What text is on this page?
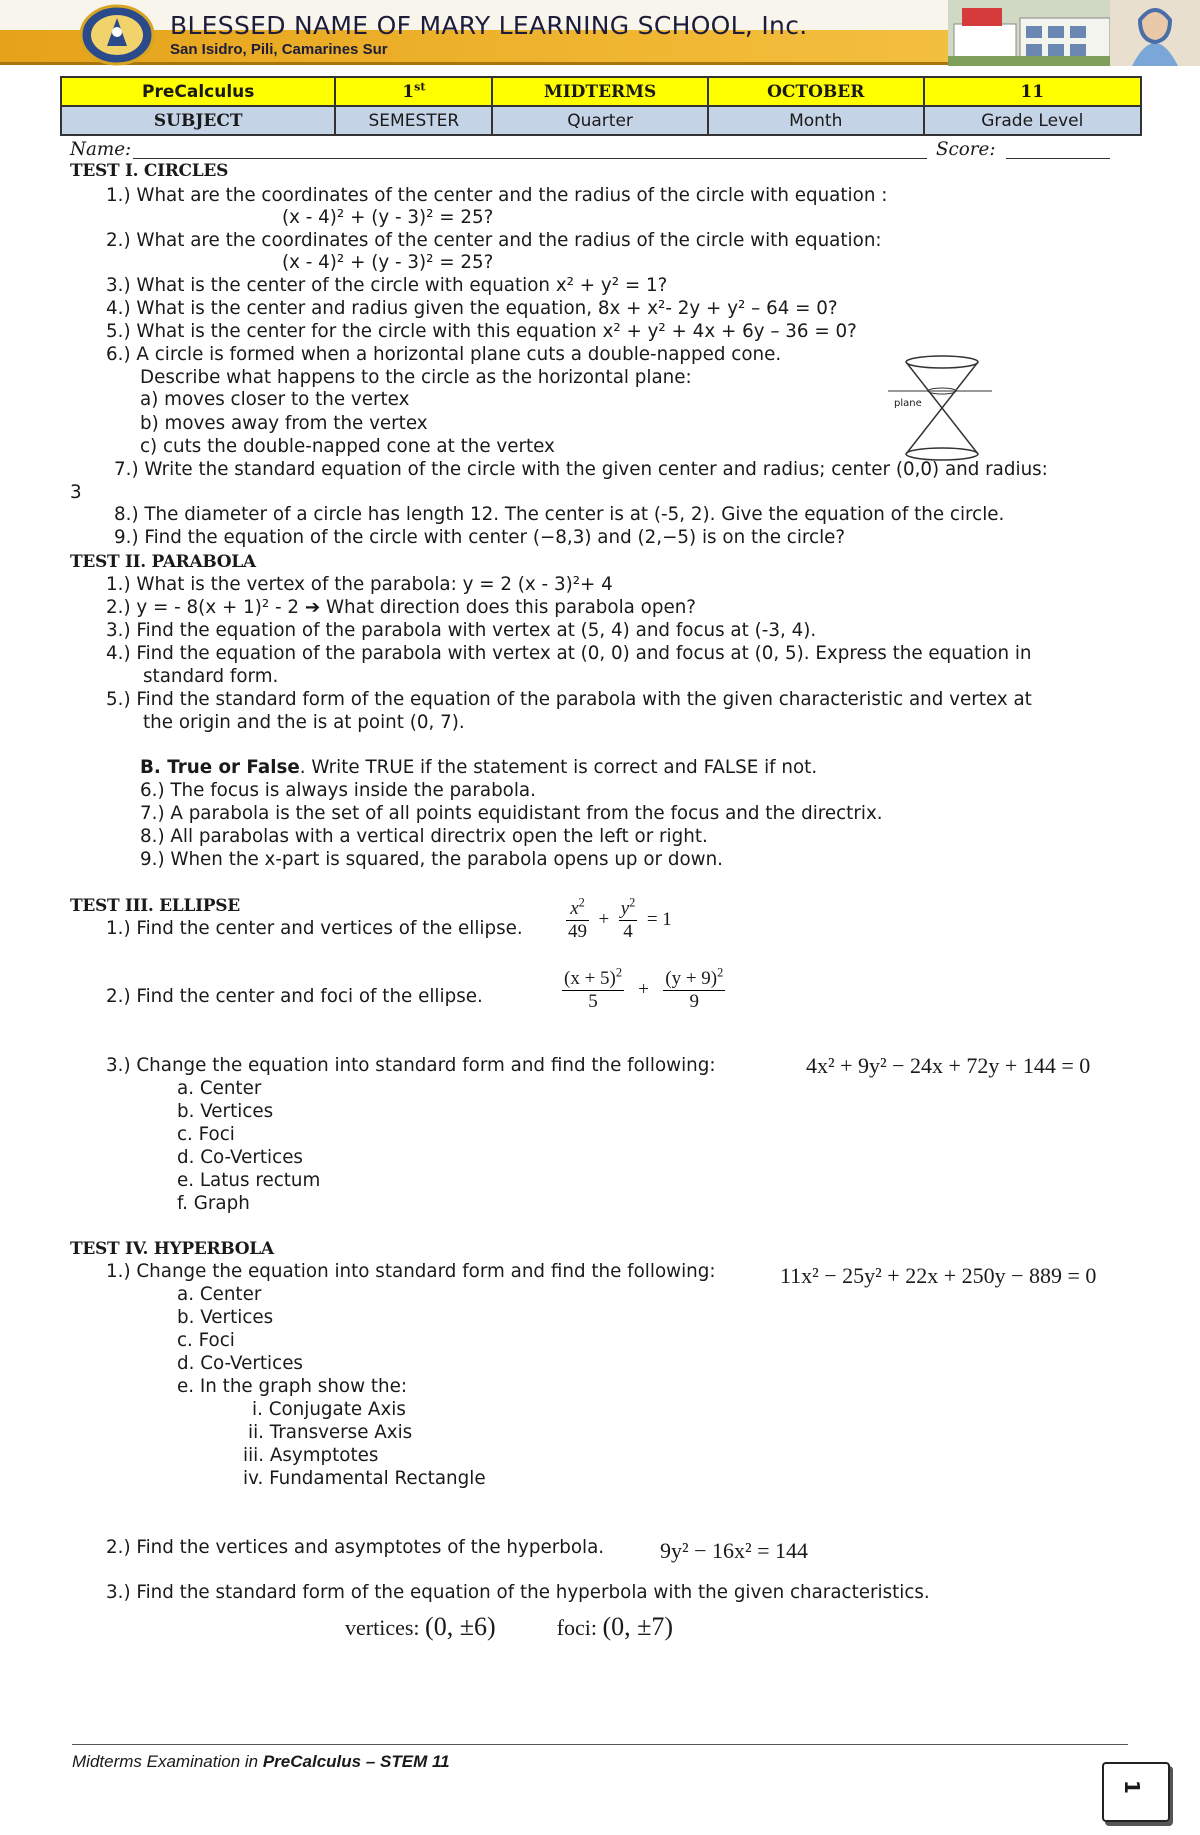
BLESSED NAME OF MARY LEARNING SCHOOL, Inc.
San Isidro, Pili, Camarines Sur
PreCalculus	1st	MIDTERMS	OCTOBER	11
SUBJECT	SEMESTER	Quarter	Month	Grade Level
Name:	Score:
TEST I. CIRCLES
1.) What are the coordinates of the center and the radius of the circle with equation :
(x - 4)² + (y - 3)² = 25?
2.) What are the coordinates of the center and the radius of the circle with equation:
(x - 4)² + (y - 3)² = 25?
3.) What is the center of the circle with equation x² + y² = 1?
4.) What is the center and radius given the equation, 8x + x²- 2y + y² – 64 = 0?
5.) What is the center for the circle with this equation x² + y² + 4x + 6y – 36 = 0?
6.) A circle is formed when a horizontal plane cuts a double-napped cone.
Describe what happens to the circle as the horizontal plane:
a) moves closer to the vertex
b) moves away from the vertex
c) cuts the double-napped cone at the vertex
7.) Write the standard equation of the circle with the given center and radius; center (0,0) and radius:
3
8.) The diameter of a circle has length 12. The center is at (-5, 2). Give the equation of the circle.
9.) Find the equation of the circle with center (−8,3) and (2,−5) is on the circle?
plane
TEST II. PARABOLA
1.) What is the vertex of the parabola: y = 2 (x - 3)²+ 4
2.) y = - 8(x + 1)² - 2 ➔ What direction does this parabola open?
3.) Find the equation of the parabola with vertex at (5, 4) and focus at (-3, 4).
4.) Find the equation of the parabola with vertex at (0, 0) and focus at (0, 5). Express the equation in
standard form.
5.) Find the standard form of the equation of the parabola with the given characteristic and vertex at
the origin and the is at point (0, 7).
B. True or False. Write TRUE if the statement is correct and FALSE if not.
6.) The focus is always inside the parabola.
7.) A parabola is the set of all points equidistant from the focus and the directrix.
8.) All parabolas with a vertical directrix open the left or right.
9.) When the x-part is squared, the parabola opens up or down.
TEST III. ELLIPSE
1.) Find the center and vertices of the ellipse. $\frac{x^2}{49} + \frac{y^2}{4} = 1$
2.) Find the center and foci of the ellipse.	$\frac{(x + 5)^2}{5} + \frac{(y + 9)^2}{9}$
3.) Change the equation into standard form and find the following:	4x² + 9y² − 24x + 72y + 144 = 0
a. Center
b. Vertices
c. Foci
d. Co-Vertices
e. Latus rectum
f. Graph
TEST IV. HYPERBOLA
1.) Change the equation into standard form and find the following:	11x² − 25y² + 22x + 250y − 889 = 0
a. Center
b. Vertices
c. Foci
d. Co-Vertices
e. In the graph show the:
i. Conjugate Axis
ii. Transverse Axis
iii. Asymptotes
iv. Fundamental Rectangle
2.) Find the vertices and asymptotes of the hyperbola.	9y² − 16x² = 144
3.) Find the standard form of the equation of the hyperbola with the given characteristics.
vertices: (0, ±6)	foci: (0, ±7)
Midterms Examination in PreCalculus – STEM 11
1
